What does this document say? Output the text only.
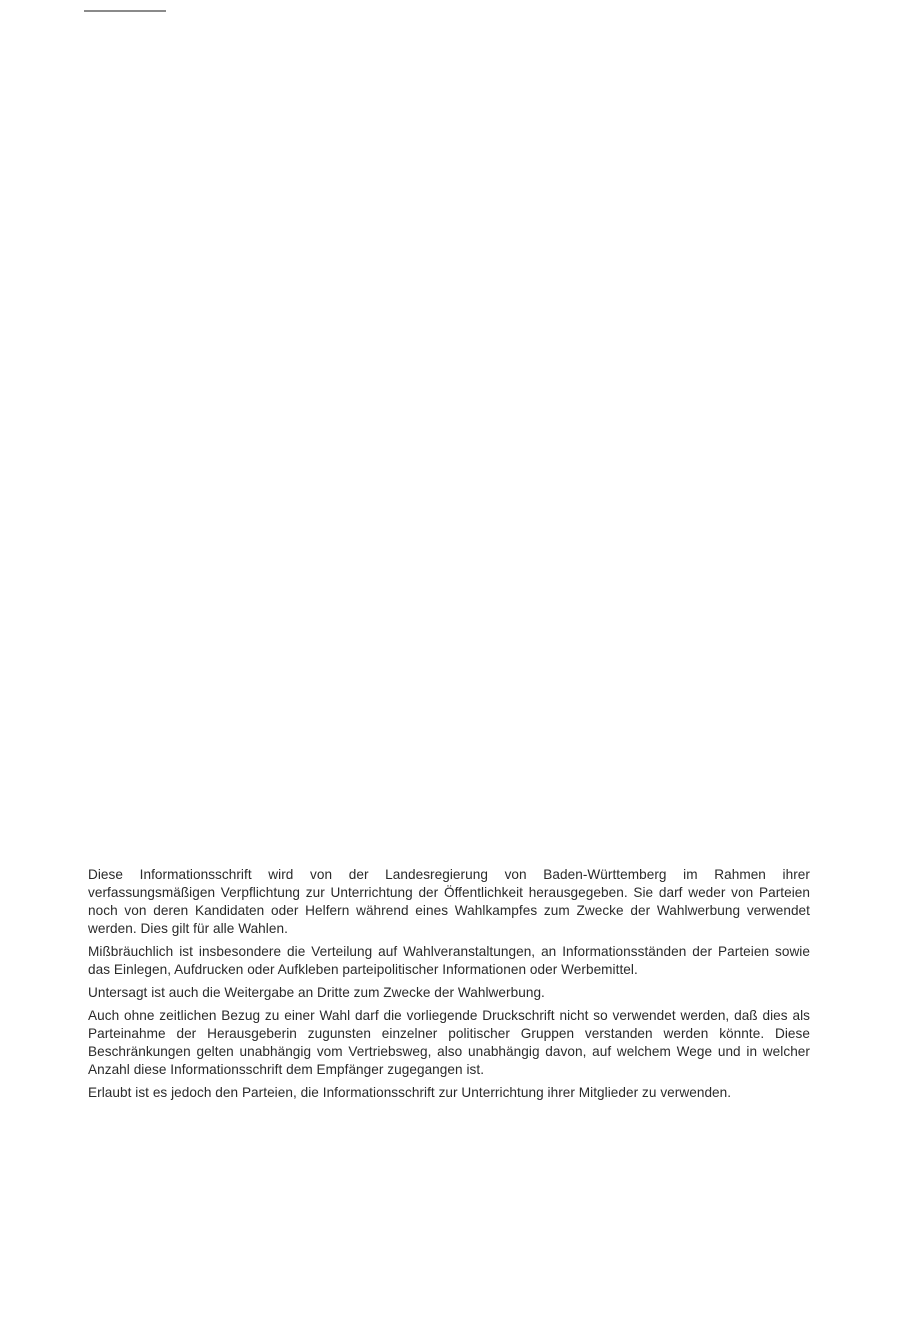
Diese Informationsschrift wird von der Landesregierung von Baden-Württemberg im Rahmen ihrer verfassungsmäßigen Verpflichtung zur Unterrichtung der Öffentlichkeit herausgegeben. Sie darf weder von Parteien noch von deren Kandidaten oder Helfern während eines Wahlkampfes zum Zwecke der Wahlwerbung verwendet werden. Dies gilt für alle Wahlen.

Mißbräuchlich ist insbesondere die Verteilung auf Wahlveranstaltungen, an Informationsständen der Parteien sowie das Einlegen, Aufdrucken oder Aufkleben parteipolitischer Informationen oder Werbemittel.

Untersagt ist auch die Weitergabe an Dritte zum Zwecke der Wahlwerbung.

Auch ohne zeitlichen Bezug zu einer Wahl darf die vorliegende Druckschrift nicht so verwendet werden, daß dies als Parteinahme der Herausgeberin zugunsten einzelner politischer Gruppen verstanden werden könnte. Diese Beschränkungen gelten unabhängig vom Vertriebsweg, also unabhängig davon, auf welchem Wege und in welcher Anzahl diese Informationsschrift dem Empfänger zugegangen ist.

Erlaubt ist es jedoch den Parteien, die Informationsschrift zur Unterrichtung ihrer Mitglieder zu verwenden.
